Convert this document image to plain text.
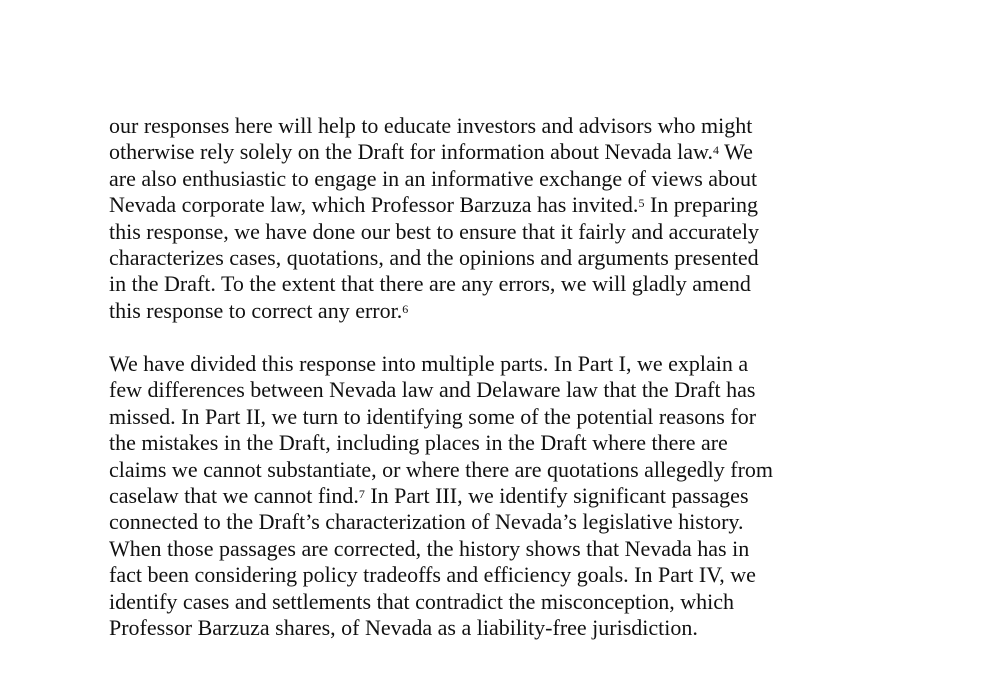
our responses here will help to educate investors and advisors who might
otherwise rely solely on the Draft for information about Nevada law.$^4$ We
are also enthusiastic to engage in an informative exchange of views about
Nevada corporate law, which Professor Barzuza has invited.$^5$ In preparing
this response, we have done our best to ensure that it fairly and accurately
characterizes cases, quotations, and the opinions and arguments presented
in the Draft. To the extent that there are any errors, we will gladly amend
this response to correct any error.$^6$

We have divided this response into multiple parts. In Part I, we explain a
few differences between Nevada law and Delaware law that the Draft has
missed. In Part II, we turn to identifying some of the potential reasons for
the mistakes in the Draft, including places in the Draft where there are
claims we cannot substantiate, or where there are quotations allegedly from
caselaw that we cannot find.$^7$ In Part III, we identify significant passages
connected to the Draft’s characterization of Nevada’s legislative history.
When those passages are corrected, the history shows that Nevada has in
fact been considering policy tradeoffs and efficiency goals. In Part IV, we
identify cases and settlements that contradict the misconception, which
Professor Barzuza shares, of Nevada as a liability-free jurisdiction.
